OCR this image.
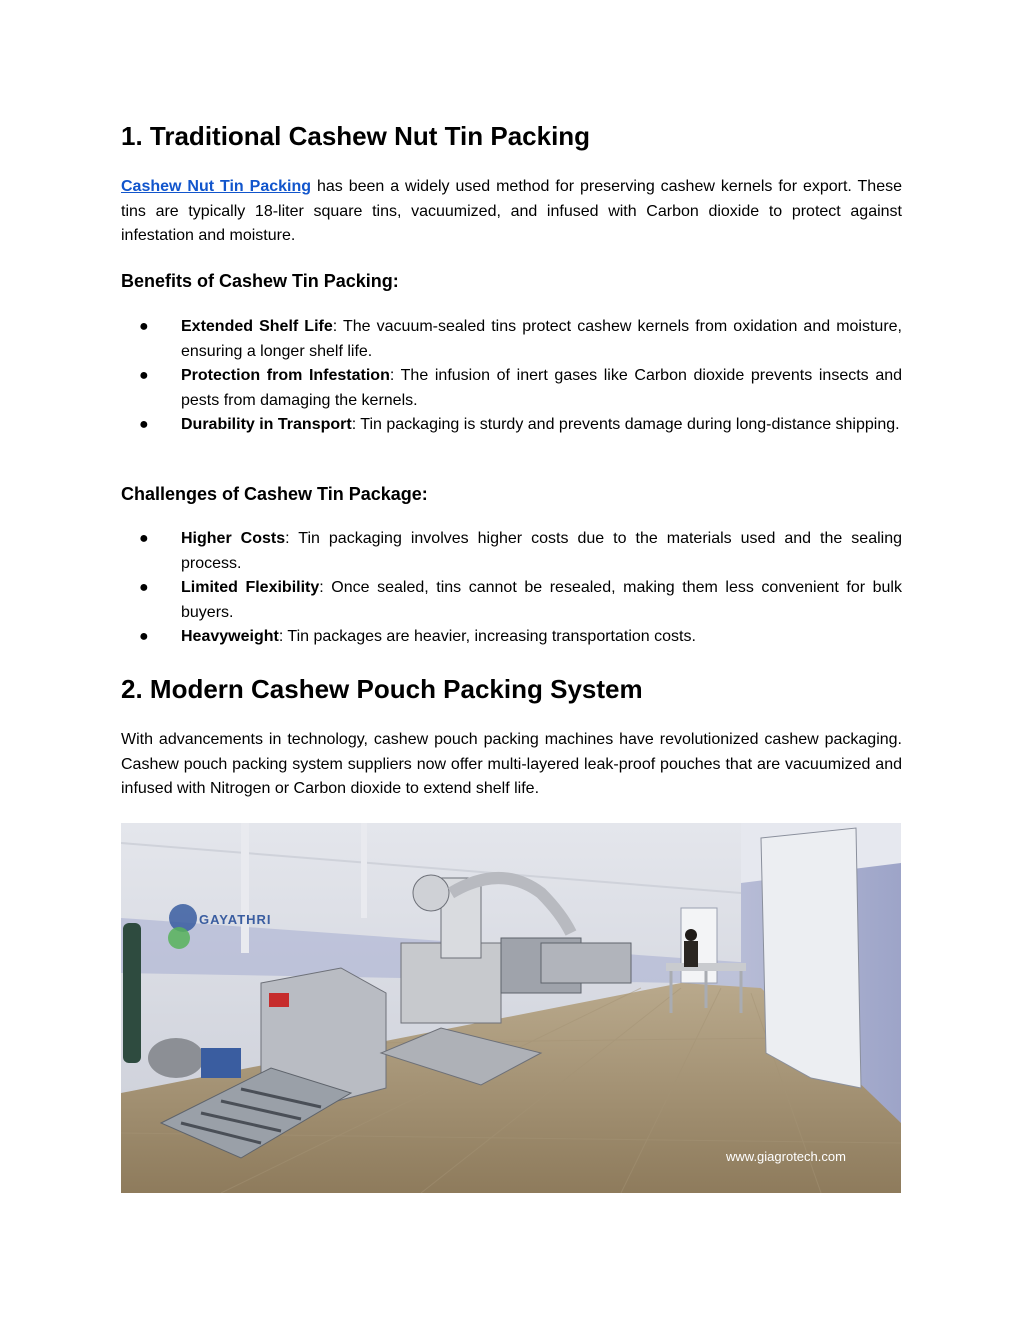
1. Traditional Cashew Nut Tin Packing

Cashew Nut Tin Packing has been a widely used method for preserving cashew kernels for export. These tins are typically 18-liter square tins, vacuumized, and infused with Carbon dioxide to protect against infestation and moisture.

Benefits of Cashew Tin Packing:
● Extended Shelf Life: The vacuum-sealed tins protect cashew kernels from oxidation and moisture, ensuring a longer shelf life.
● Protection from Infestation: The infusion of inert gases like Carbon dioxide prevents insects and pests from damaging the kernels.
● Durability in Transport: Tin packaging is sturdy and prevents damage during long-distance shipping.
Challenges of Cashew Tin Package:
● Higher Costs: Tin packaging involves higher costs due to the materials used and the sealing process.
● Limited Flexibility: Once sealed, tins cannot be resealed, making them less convenient for bulk buyers.
● Heavyweight: Tin packages are heavier, increasing transportation costs.
2. Modern Cashew Pouch Packing System

With advancements in technology, cashew pouch packing machines have revolutionized cashew packaging. Cashew pouch packing system suppliers now offer multi-layered leak-proof pouches that are vacuumized and infused with Nitrogen or Carbon dioxide to extend shelf life.

GAYATHRI
www.giagrotech.com
